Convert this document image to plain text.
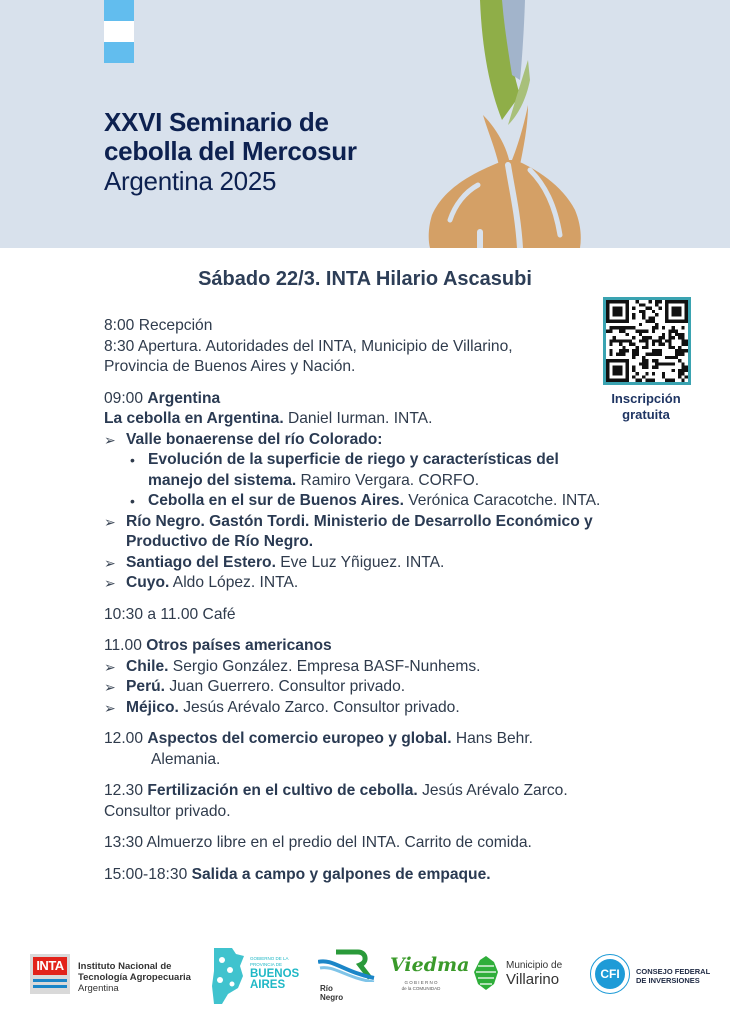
XXVI Seminario de
cebolla del Mercosur
Argentina 2025
Sábado 22/3. INTA Hilario Ascasubi
Inscripción
gratuita
8:00 Recepción
8:30 Apertura. Autoridades del INTA, Municipio de Villarino,
Provincia de Buenos Aires y Nación.
09:00 Argentina
La cebolla en Argentina. Daniel Iurman. INTA.
➢ Valle bonaerense del río Colorado:
• Evolución de la superficie de riego y características del
manejo del sistema. Ramiro Vergara. CORFO.
• Cebolla en el sur de Buenos Aires. Verónica Caracotche. INTA.
➢ Río Negro. Gastón Tordi. Ministerio de Desarrollo Económico y
Productivo de Río Negro.
➢ Santiago del Estero. Eve Luz Yñiguez. INTA.
➢ Cuyo. Aldo López. INTA.
10:30 a 11.00 Café
11.00 Otros países americanos
➢ Chile. Sergio González. Empresa BASF-Nunhems.
➢ Perú. Juan Guerrero. Consultor privado.
➢ Méjico. Jesús Arévalo Zarco. Consultor privado.
12.00 Aspectos del comercio europeo y global. Hans Behr.
Alemania.
12.30 Fertilización en el cultivo de cebolla. Jesús Arévalo Zarco.
Consultor privado.
13:30 Almuerzo libre en el predio del INTA. Carrito de comida.
15:00-18:30 Salida a campo y galpones de empaque.
INTA	Instituto Nacional de
Tecnología Agropecuaria
Argentina
GOBIERNO DE LA
PROVINCIA DE
BUENOS
AIRES	Río
Negro
Viedma
G O B I E R N O
de la COMUNIDAD
Municipio de
Villarino	CFI	CONSEJO FEDERAL
DE INVERSIONES
